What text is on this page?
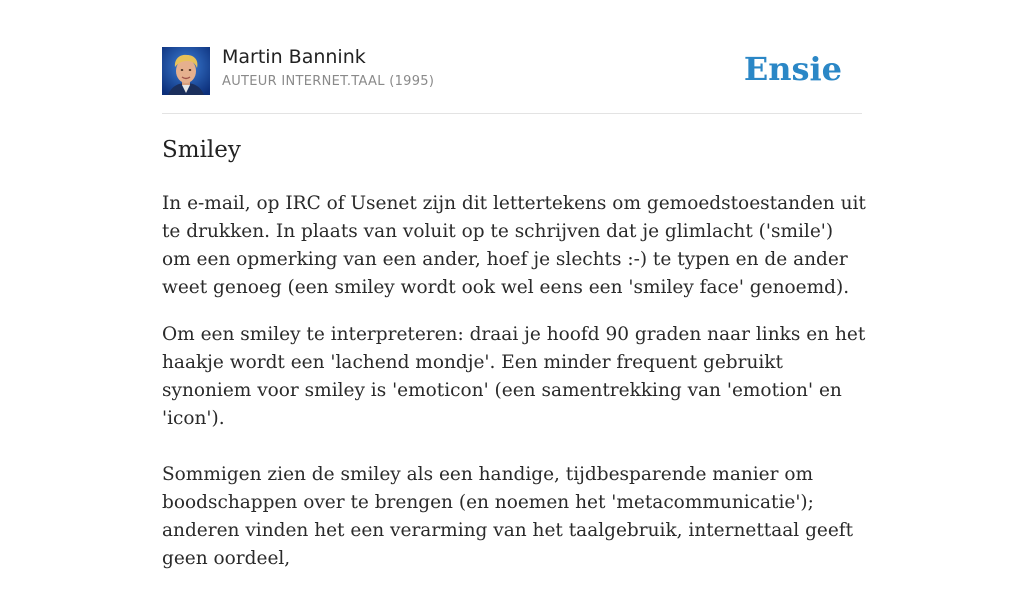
Martin Bannink
AUTEUR INTERNET.TAAL (1995)	Ensie
Smiley

In e-mail, op IRC of Usenet zijn dit lettertekens om gemoedstoestanden uit te drukken. In plaats van voluit op te schrijven dat je glimlacht ('smile') om een opmerking van een ander, hoef je slechts :-) te typen en de ander weet genoeg (een smiley wordt ook wel eens een 'smiley face' genoemd).

Om een smiley te interpreteren: draai je hoofd 90 graden naar links en het haakje wordt een 'lachend mondje'. Een minder frequent gebruikt synoniem voor smiley is 'emoticon' (een samentrekking van 'emotion' en 'icon').

Sommigen zien de smiley als een handige, tijdbesparende manier om boodschappen over te brengen (en noemen het 'metacommunicatie'); anderen vinden het een verarming van het taalgebruik, internettaal geeft geen oordeel,
